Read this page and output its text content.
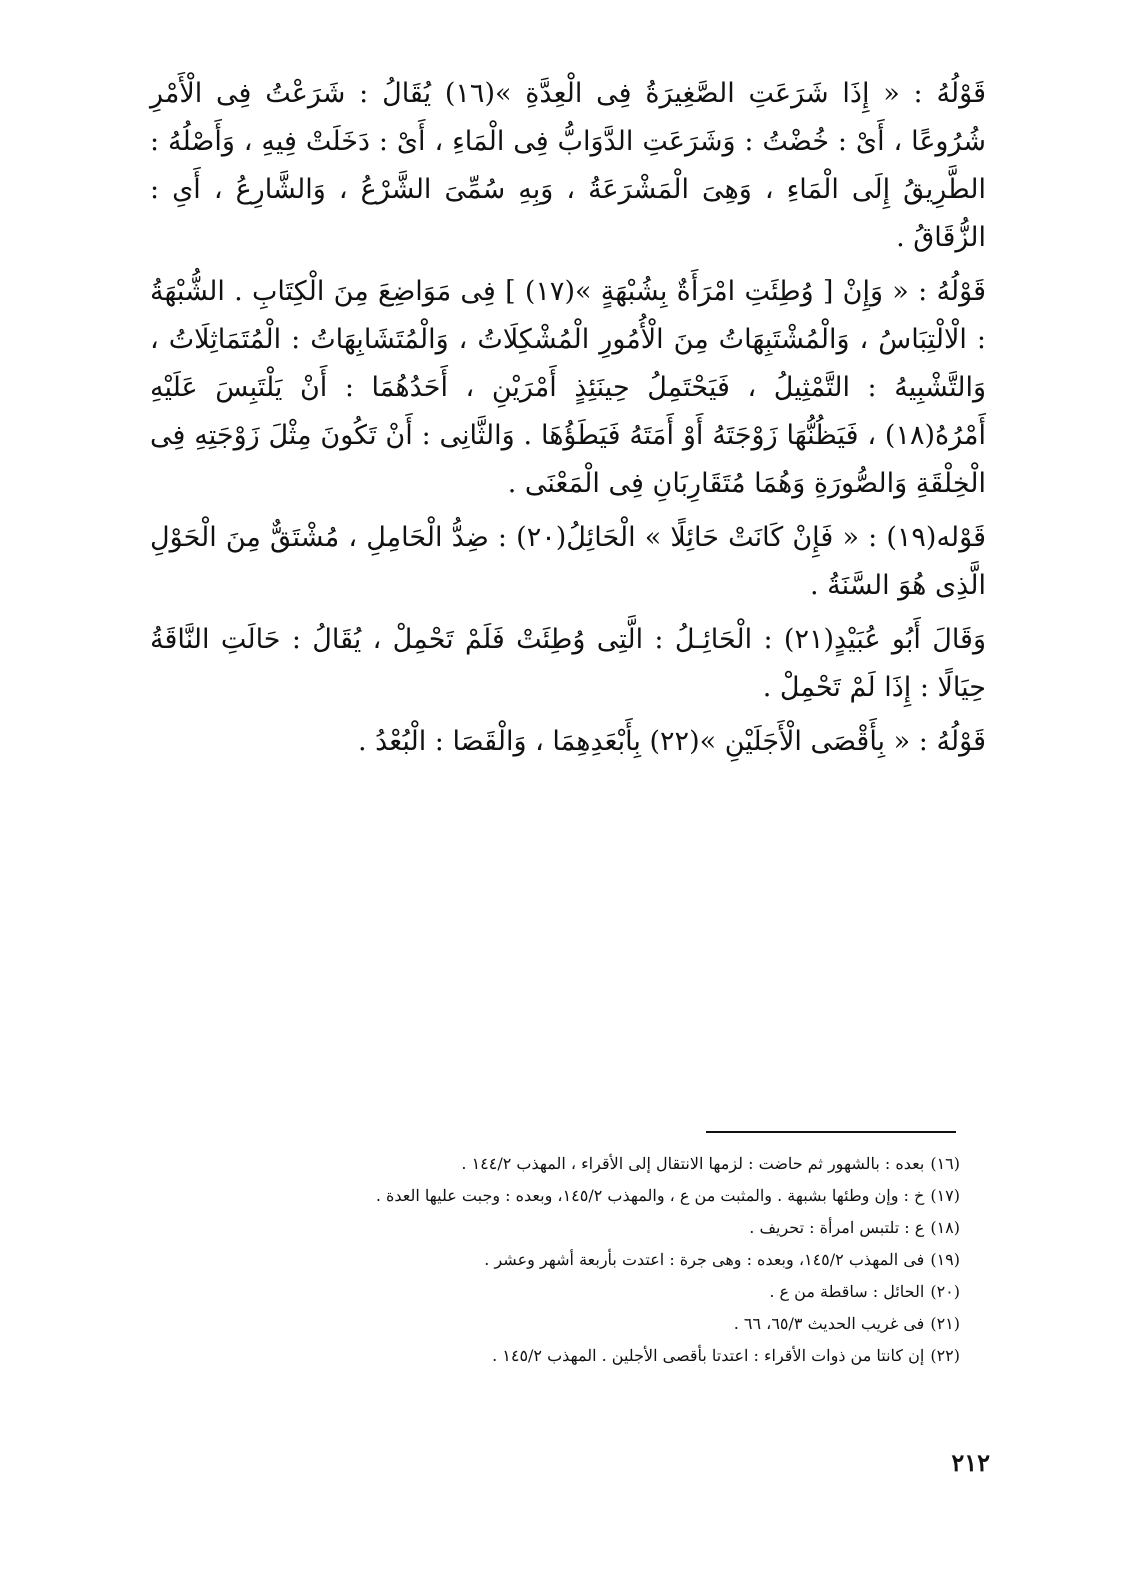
قَوْلُهُ : « إِذَا شَرَعَتِ الصَّغِيرَةُ فِى الْعِدَّةِ »(١٦) يُقَالُ : شَرَعْتُ فِى الْأَمْرِ شُرُوعًا ، أَىْ : خُضْتُ : وَشَرَعَتِ الدَّوَابُّ فِى الْمَاءِ ، أَىْ : دَخَلَتْ فِيهِ ، وَأَصْلُهُ : الطَّرِيقُ إِلَى الْمَاءِ ، وَهِىَ الْمَشْرَعَةُ ، وَبِهِ سُمِّىَ الشَّرْعُ ، وَالشَّارِعُ ، أَىِ : الزُّقَاقُ .

قَوْلُهُ : « وَإِنْ [ وُطِئَتِ امْرَأَةٌ بِشُبْهَةٍ »(١٧) ] فِى مَوَاضِعَ مِنَ الْكِتَابِ . الشُّبْهَةُ : الْالْتِبَاسُ ، وَالْمُشْتَبِهَاتُ مِنَ الْأُمُورِ الْمُشْكِلَاتُ ، وَالْمُتَشَابِهَاتُ : الْمُتَمَاثِلَاتُ ، وَالتَّشْبِيهُ : التَّمْثِيلُ ، فَيَحْتَمِلُ حِينَئِذٍ أَمْرَيْنِ ، أَحَدُهُمَا : أَنْ يَلْتَبِسَ عَلَيْهِ أَمْرُهُ(١٨) ، فَيَظُنُّهَا زَوْجَتَهُ أَوْ أَمَتَهُ فَيَطَؤُهَا . وَالثَّانِى : أَنْ تَكُونَ مِثْلَ زَوْجَتِهِ فِى الْخِلْقَةِ وَالصُّورَةِ وَهُمَا مُتَقَارِبَانِ فِى الْمَعْنَى .

قَوْله(١٩) : « فَإِنْ كَانَتْ حَائِلًا » الْحَائِلُ(٢٠) : ضِدُّ الْحَامِلِ ، مُشْتَقٌّ مِنَ الْحَوْلِ الَّذِى هُوَ السَّنَةُ .

وَقَالَ أَبُو عُبَيْدٍ(٢١) : الْحَائِـلُ : الَّتِى وُطِئَتْ فَلَمْ تَحْمِلْ ، يُقَالُ : حَالَتِ النَّاقَةُ حِيَالًا : إِذَا لَمْ تَحْمِلْ .

قَوْلُهُ : « بِأَقْصَى الْأَجَلَيْنِ »(٢٢) بِأَبْعَدِهِمَا ، وَالْقَصَا : الْبُعْدُ .

(١٦)بعده : بالشهور ثم حاضت : لزمها الانتقال إلى الأقراء ، المهذب ١٤٤/٢ .

(١٧)خ : وإن وطئها بشبهة . والمثبت من ع ، والمهذب ١٤٥/٢، وبعده : وجبت عليها العدة .

(١٨)ع : تلتبس امرأة : تحريف .

(١٩)فى المهذب ١٤٥/٢، وبعده : وهى جرة : اعتدت بأربعة أشهر وعشر .

(٢٠)الحائل : ساقطة من ع .

(٢١)فى غريب الحديث ٦٥/٣، ٦٦ .

(٢٢)إن كانتا من ذوات الأقراء : اعتدتا بأقصى الأجلين . المهذب ١٤٥/٢ .

٢١٢
